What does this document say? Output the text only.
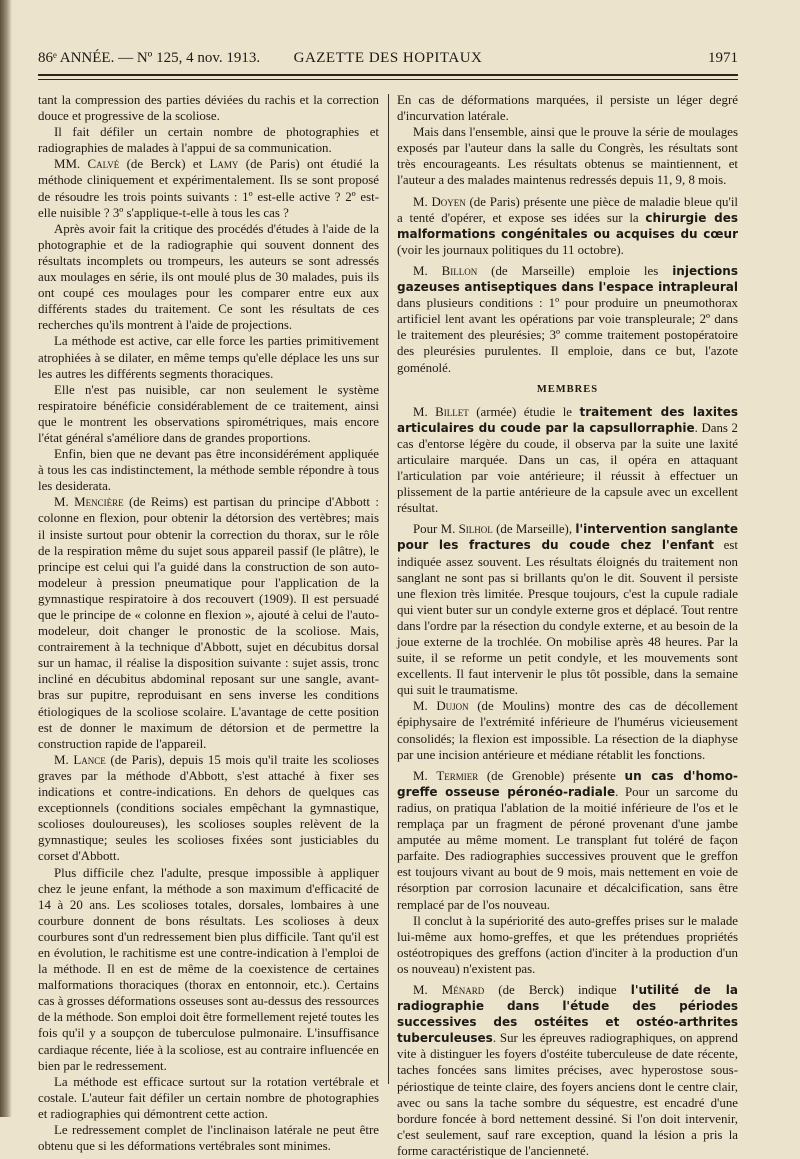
86ᵉ ANNÉE. — Nº 125, 4 nov. 1913.	GAZETTE DES HOPITAUX	1971

tant la compression des parties déviées du rachis et la correction douce et progressive de la scoliose.

Il fait défiler un certain nombre de photographies et radiographies de malades à l'appui de sa communication.

MM. Calvé (de Berck) et Lamy (de Paris) ont étudié la méthode cliniquement et expérimentalement. Ils se sont proposé de résoudre les trois points suivants : 1º est-elle active ? 2º est-elle nuisible ? 3º s'applique-t-elle à tous les cas ?

Après avoir fait la critique des procédés d'études à l'aide de la photographie et de la radiographie qui souvent donnent des résultats incomplets ou trompeurs, les auteurs se sont adressés aux moulages en série, ils ont moulé plus de 30 malades, puis ils ont coupé ces moulages pour les comparer entre eux aux différents stades du traitement. Ce sont les résultats de ces recherches qu'ils montrent à l'aide de projections.

La méthode est active, car elle force les parties primitivement atrophiées à se dilater, en même temps qu'elle déplace les uns sur les autres les différents segments thoraciques.

Elle n'est pas nuisible, car non seulement le système respiratoire bénéficie considérablement de ce traitement, ainsi que le montrent les observations spirométriques, mais encore l'état général s'améliore dans de grandes proportions.

Enfin, bien que ne devant pas être inconsidérément appliquée à tous les cas indistinctement, la méthode semble répondre à tous les desiderata.

M. Mencière (de Reims) est partisan du principe d'Abbott : colonne en flexion, pour obtenir la détorsion des vertèbres; mais il insiste surtout pour obtenir la correction du thorax, sur le rôle de la respiration même du sujet sous appareil passif (le plâtre), le principe est celui qui l'a guidé dans la construction de son auto-modeleur à pression pneumatique pour l'application de la gymnastique respiratoire à dos recouvert (1909). Il est persuadé que le principe de « colonne en flexion », ajouté à celui de l'auto-modeleur, doit changer le pronostic de la scoliose. Mais, contrairement à la technique d'Abbott, sujet en décubitus dorsal sur un hamac, il réalise la disposition suivante : sujet assis, tronc incliné en décubitus abdominal reposant sur une sangle, avant-bras sur pupitre, reproduisant en sens inverse les conditions étiologiques de la scoliose scolaire. L'avantage de cette position est de donner le maximum de détorsion et de permettre la construction rapide de l'appareil.

M. Lance (de Paris), depuis 15 mois qu'il traite les scolioses graves par la méthode d'Abbott, s'est attaché à fixer ses indications et contre-indications. En dehors de quelques cas exceptionnels (conditions sociales empêchant la gymnastique, scolioses douloureuses), les scolioses souples relèvent de la gymnastique; seules les scolioses fixées sont justiciables du corset d'Abbott.

Plus difficile chez l'adulte, presque impossible à appliquer chez le jeune enfant, la méthode a son maximum d'efficacité de 14 à 20 ans. Les scolioses totales, dorsales, lombaires à une courbure donnent de bons résultats. Les scolioses à deux courbures sont d'un redressement bien plus difficile. Tant qu'il est en évolution, le rachitisme est une contre-indication à l'emploi de la méthode. Il en est de même de la coexistence de certaines malformations thoraciques (thorax en entonnoir, etc.). Certains cas à grosses déformations osseuses sont au-dessus des ressources de la méthode. Son emploi doit être formellement rejeté toutes les fois qu'il y a soupçon de tuberculose pulmonaire. L'insuffisance cardiaque récente, liée à la scoliose, est au contraire influencée en bien par le redressement.

La méthode est efficace surtout sur la rotation vertébrale et costale. L'auteur fait défiler un certain nombre de photographies et radiographies qui démontrent cette action.

Le redressement complet de l'inclinaison latérale ne peut être obtenu que si les déformations vertébrales sont minimes.

En cas de déformations marquées, il persiste un léger degré d'incurvation latérale.

Mais dans l'ensemble, ainsi que le prouve la série de moulages exposés par l'auteur dans la salle du Congrès, les résultats sont très encourageants. Les résultats obtenus se maintiennent, et l'auteur a des malades maintenus redressés depuis 11, 9, 8 mois.

M. Doyen (de Paris) présente une pièce de maladie bleue qu'il a tenté d'opérer, et expose ses idées sur la chirurgie des malformations congénitales ou acquises du cœur (voir les journaux politiques du 11 octobre).

M. Billon (de Marseille) emploie les injections gazeuses antiseptiques dans l'espace intrapleural dans plusieurs conditions : 1º pour produire un pneumothorax artificiel lent avant les opérations par voie transpleurale; 2º dans le traitement des pleurésies; 3º comme traitement postopératoire des pleurésies purulentes. Il emploie, dans ce but, l'azote goménolé.

MEMBRES

M. Billet (armée) étudie le traitement des laxites articulaires du coude par la capsullorraphie. Dans 2 cas d'entorse légère du coude, il observa par la suite une laxité articulaire marquée. Dans un cas, il opéra en attaquant l'articulation par voie antérieure; il réussit à effectuer un plissement de la partie antérieure de la capsule avec un excellent résultat.

Pour M. Silhol (de Marseille), l'intervention sanglante pour les fractures du coude chez l'enfant est indiquée assez souvent. Les résultats éloignés du traitement non sanglant ne sont pas si brillants qu'on le dit. Souvent il persiste une flexion très limitée. Presque toujours, c'est la cupule radiale qui vient buter sur un condyle externe gros et déplacé. Tout rentre dans l'ordre par la résection du condyle externe, et au besoin de la joue externe de la trochlée. On mobilise après 48 heures. Par la suite, il se reforme un petit condyle, et les mouvements sont excellents. Il faut intervenir le plus tôt possible, dans la semaine qui suit le traumatisme.

M. Dujon (de Moulins) montre des cas de décollement épiphysaire de l'extrémité inférieure de l'humérus vicieusement consolidés; la flexion est impossible. La résection de la diaphyse par une incision antérieure et médiane rétablit les fonctions.

M. Termier (de Grenoble) présente un cas d'homo-greffe osseuse péronéo-radiale. Pour un sarcome du radius, on pratiqua l'ablation de la moitié inférieure de l'os et le remplaça par un fragment de péroné provenant d'une jambe amputée au même moment. Le transplant fut toléré de façon parfaite. Des radiographies successives prouvent que le greffon est toujours vivant au bout de 9 mois, mais nettement en voie de résorption par corrosion lacunaire et décalcification, sans être remplacé par de l'os nouveau.

Il conclut à la supériorité des auto-greffes prises sur le malade lui-même aux homo-greffes, et que les prétendues propriétés ostéotropiques des greffons (action d'inciter à la production d'un os nouveau) n'existent pas.

M. Ménard (de Berck) indique l'utilité de la radiographie dans l'étude des périodes successives des ostéites et ostéo-arthrites tuberculeuses. Sur les épreuves radiographiques, on apprend vite à distinguer les foyers d'ostéite tuberculeuse de date récente, taches foncées sans limites précises, avec hyperostose sous-périostique de teinte claire, des foyers anciens dont le centre clair, avec ou sans la tache sombre du séquestre, est encadré d'une bordure foncée à bord nettement dessiné. Si l'on doit intervenir, c'est seulement, sauf rare exception, quand la lésion a pris la forme caractéristique de l'ancienneté.
